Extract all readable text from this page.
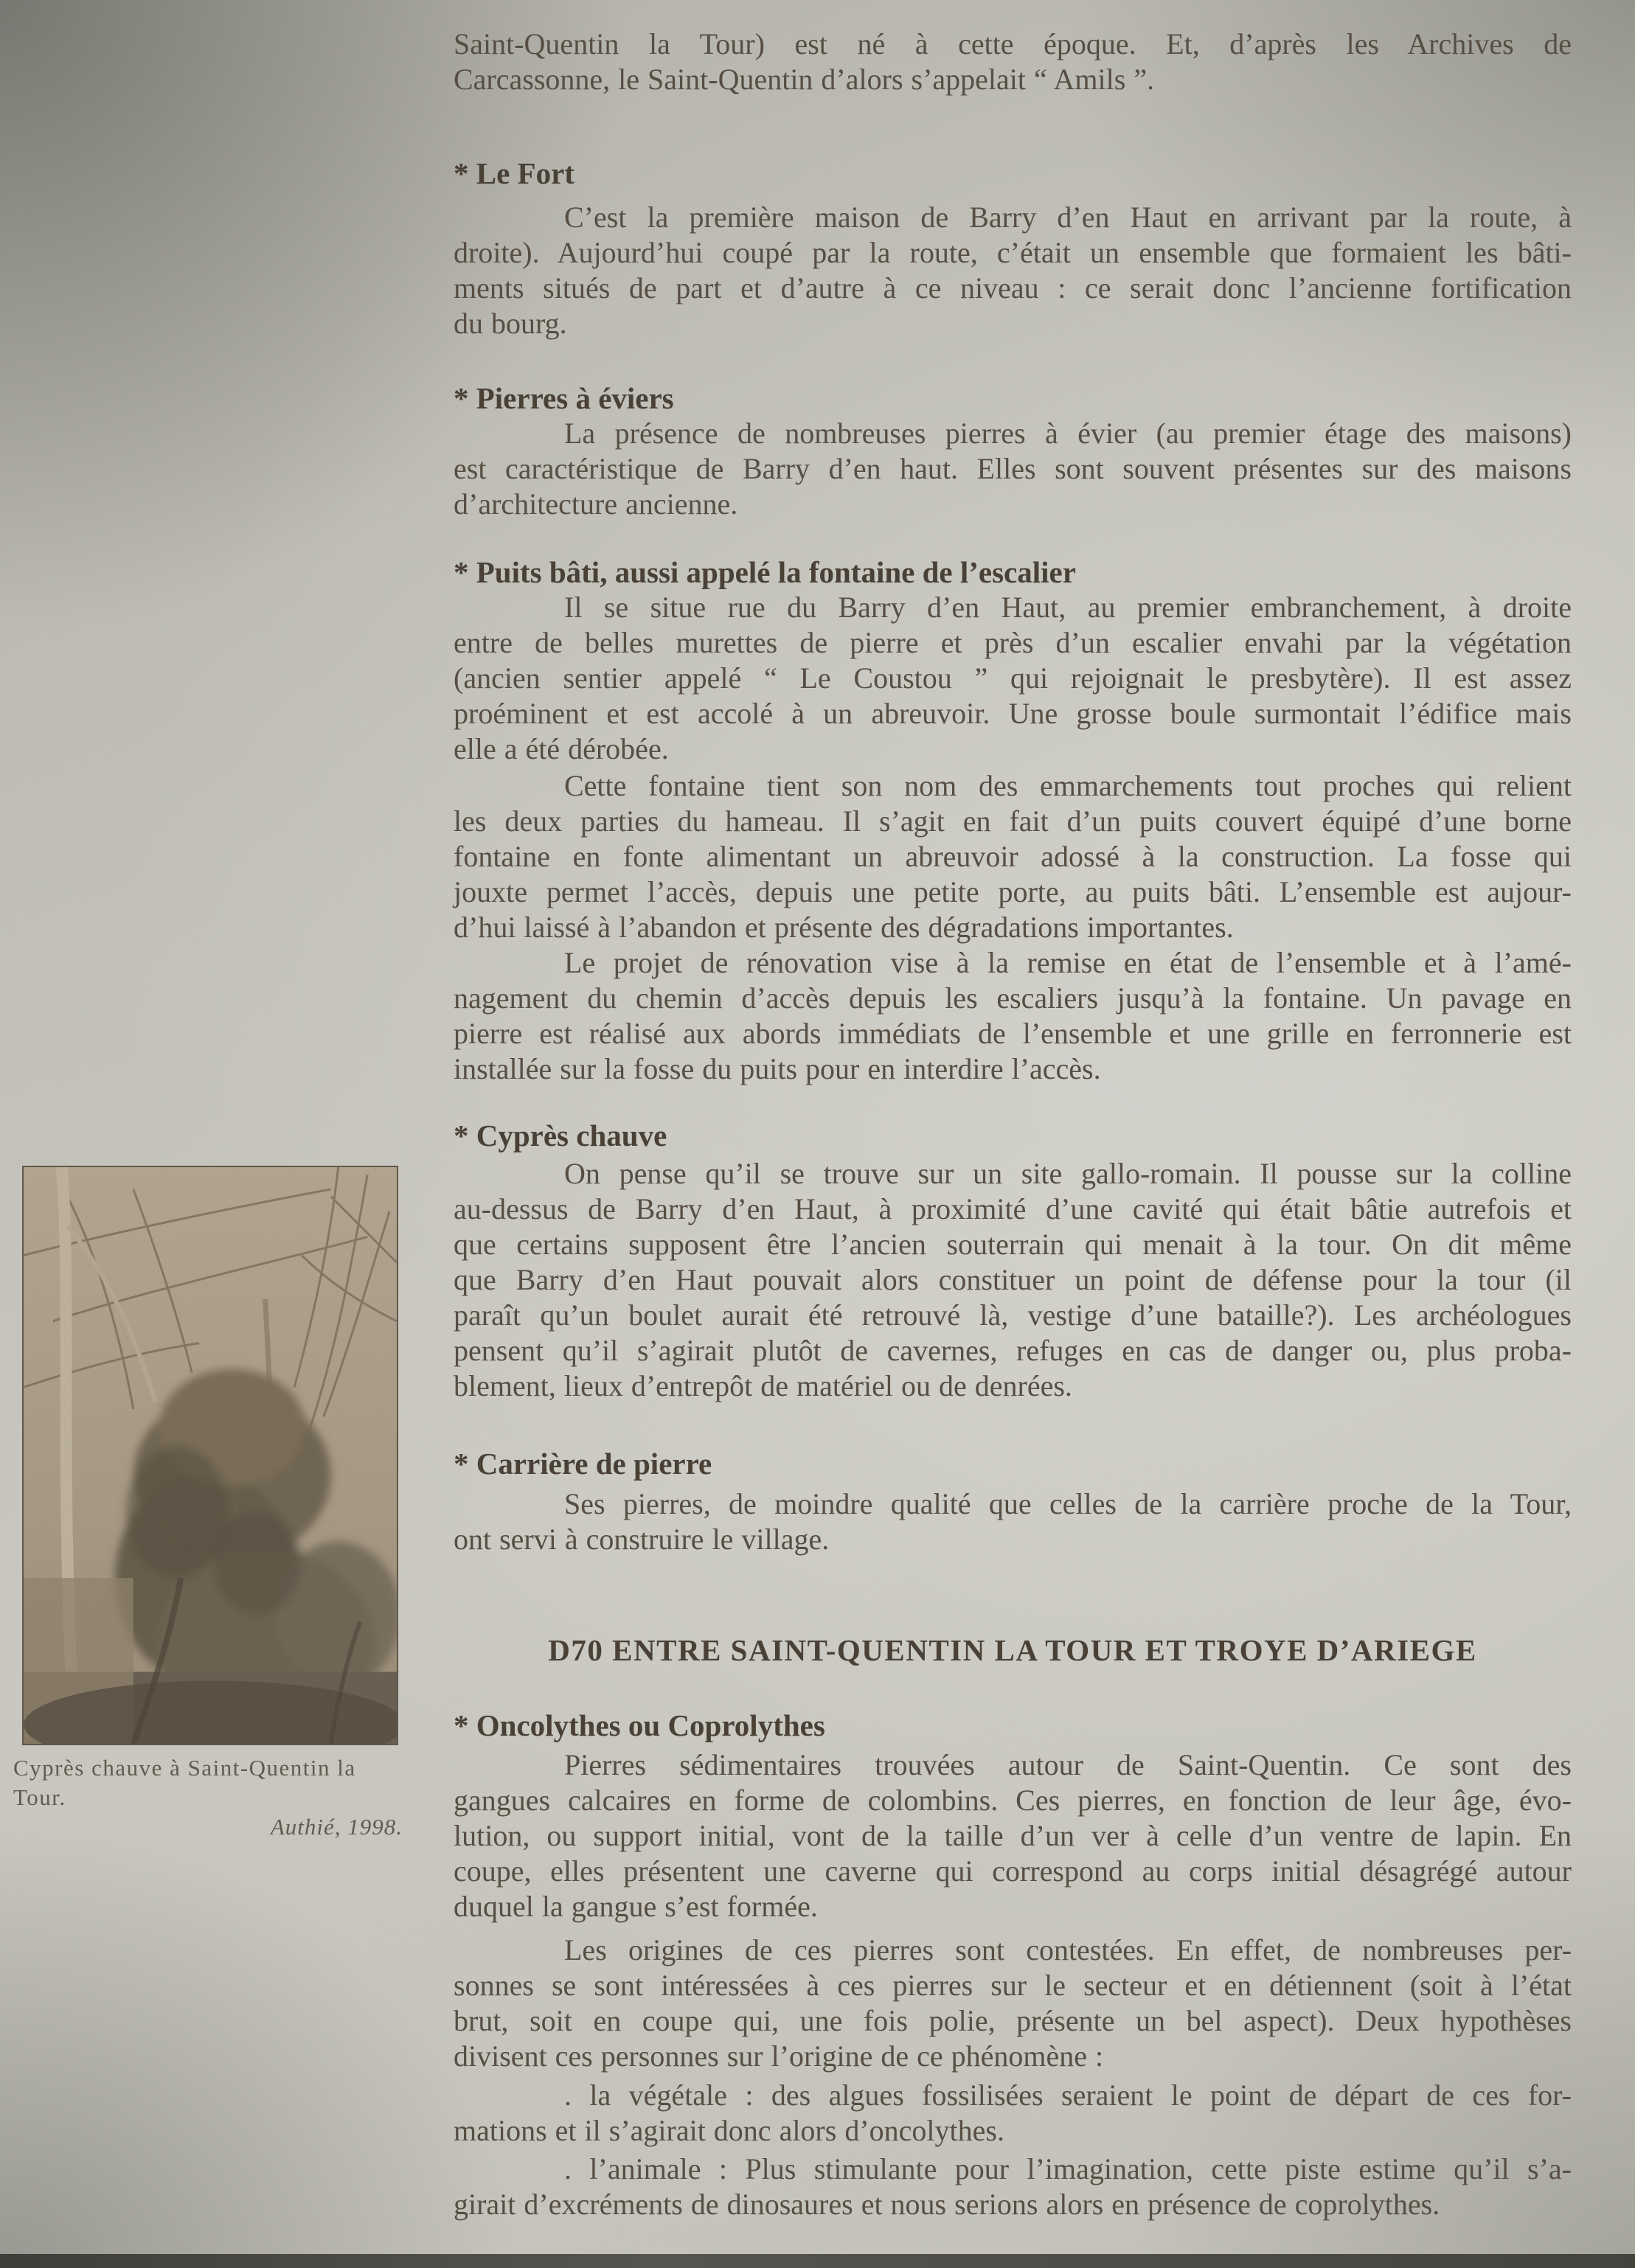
Cyprès chauve à Saint-Quentin la Tour.
Authié, 1998.
Saint-Quentin la Tour) est né à cette époque. Et, d’après les Archives de
Carcassonne, le Saint-Quentin d’alors s’appelait “ Amils ”.
* Le Fort
C’est la première maison de Barry d’en Haut en arrivant par la route, à
droite). Aujourd’hui coupé par la route, c’était un ensemble que formaient les bâti-
ments situés de part et d’autre à ce niveau : ce serait donc l’ancienne fortification
du bourg.
* Pierres à éviers
La présence de nombreuses pierres à évier (au premier étage des maisons)
est caractéristique de Barry d’en haut. Elles sont souvent présentes sur des maisons
d’architecture ancienne.
* Puits bâti, aussi appelé la fontaine de l’escalier
Il se situe rue du Barry d’en Haut, au premier embranchement, à droite
entre de belles murettes de pierre et près d’un escalier envahi par la végétation
(ancien sentier appelé “ Le Coustou ” qui rejoignait le presbytère). Il est assez
proéminent et est accolé à un abreuvoir. Une grosse boule surmontait l’édifice mais
elle a été dérobée.
Cette fontaine tient son nom des emmarchements tout proches qui relient
les deux parties du hameau. Il s’agit en fait d’un puits couvert équipé d’une borne
fontaine en fonte alimentant un abreuvoir adossé à la construction. La fosse qui
jouxte permet l’accès, depuis une petite porte, au puits bâti. L’ensemble est aujour-
d’hui laissé à l’abandon et présente des dégradations importantes.
Le projet de rénovation vise à la remise en état de l’ensemble et à l’amé-
nagement du chemin d’accès depuis les escaliers jusqu’à la fontaine. Un pavage en
pierre est réalisé aux abords immédiats de l’ensemble et une grille en ferronnerie est
installée sur la fosse du puits pour en interdire l’accès.
* Cyprès chauve
On pense qu’il se trouve sur un site gallo-romain. Il pousse sur la colline
au-dessus de Barry d’en Haut, à proximité d’une cavité qui était bâtie autrefois et
que certains supposent être l’ancien souterrain qui menait à la tour. On dit même
que Barry d’en Haut pouvait alors constituer un point de défense pour la tour (il
paraît qu’un boulet aurait été retrouvé là, vestige d’une bataille?). Les archéologues
pensent qu’il s’agirait plutôt de cavernes, refuges en cas de danger ou, plus proba-
blement, lieux d’entrepôt de matériel ou de denrées.
* Carrière de pierre
Ses pierres, de moindre qualité que celles de la carrière proche de la Tour,
ont servi à construire le village.
D70 ENTRE SAINT-QUENTIN LA TOUR ET TROYE D’ARIEGE
* Oncolythes ou Coprolythes
Pierres sédimentaires trouvées autour de Saint-Quentin. Ce sont des
gangues calcaires en forme de colombins. Ces pierres, en fonction de leur âge, évo-
lution, ou support initial, vont de la taille d’un ver à celle d’un ventre de lapin. En
coupe, elles présentent une caverne qui correspond au corps initial désagrégé autour
duquel la gangue s’est formée.
Les origines de ces pierres sont contestées. En effet, de nombreuses per-
sonnes se sont intéressées à ces pierres sur le secteur et en détiennent (soit à l’état
brut, soit en coupe qui, une fois polie, présente un bel aspect). Deux hypothèses
divisent ces personnes sur l’origine de ce phénomène :
. la végétale : des algues fossilisées seraient le point de départ de ces for-
mations et il s’agirait donc alors d’oncolythes.
. l’animale : Plus stimulante pour l’imagination, cette piste estime qu’il s’a-
girait d’excréments de dinosaures et nous serions alors en présence de coprolythes.
